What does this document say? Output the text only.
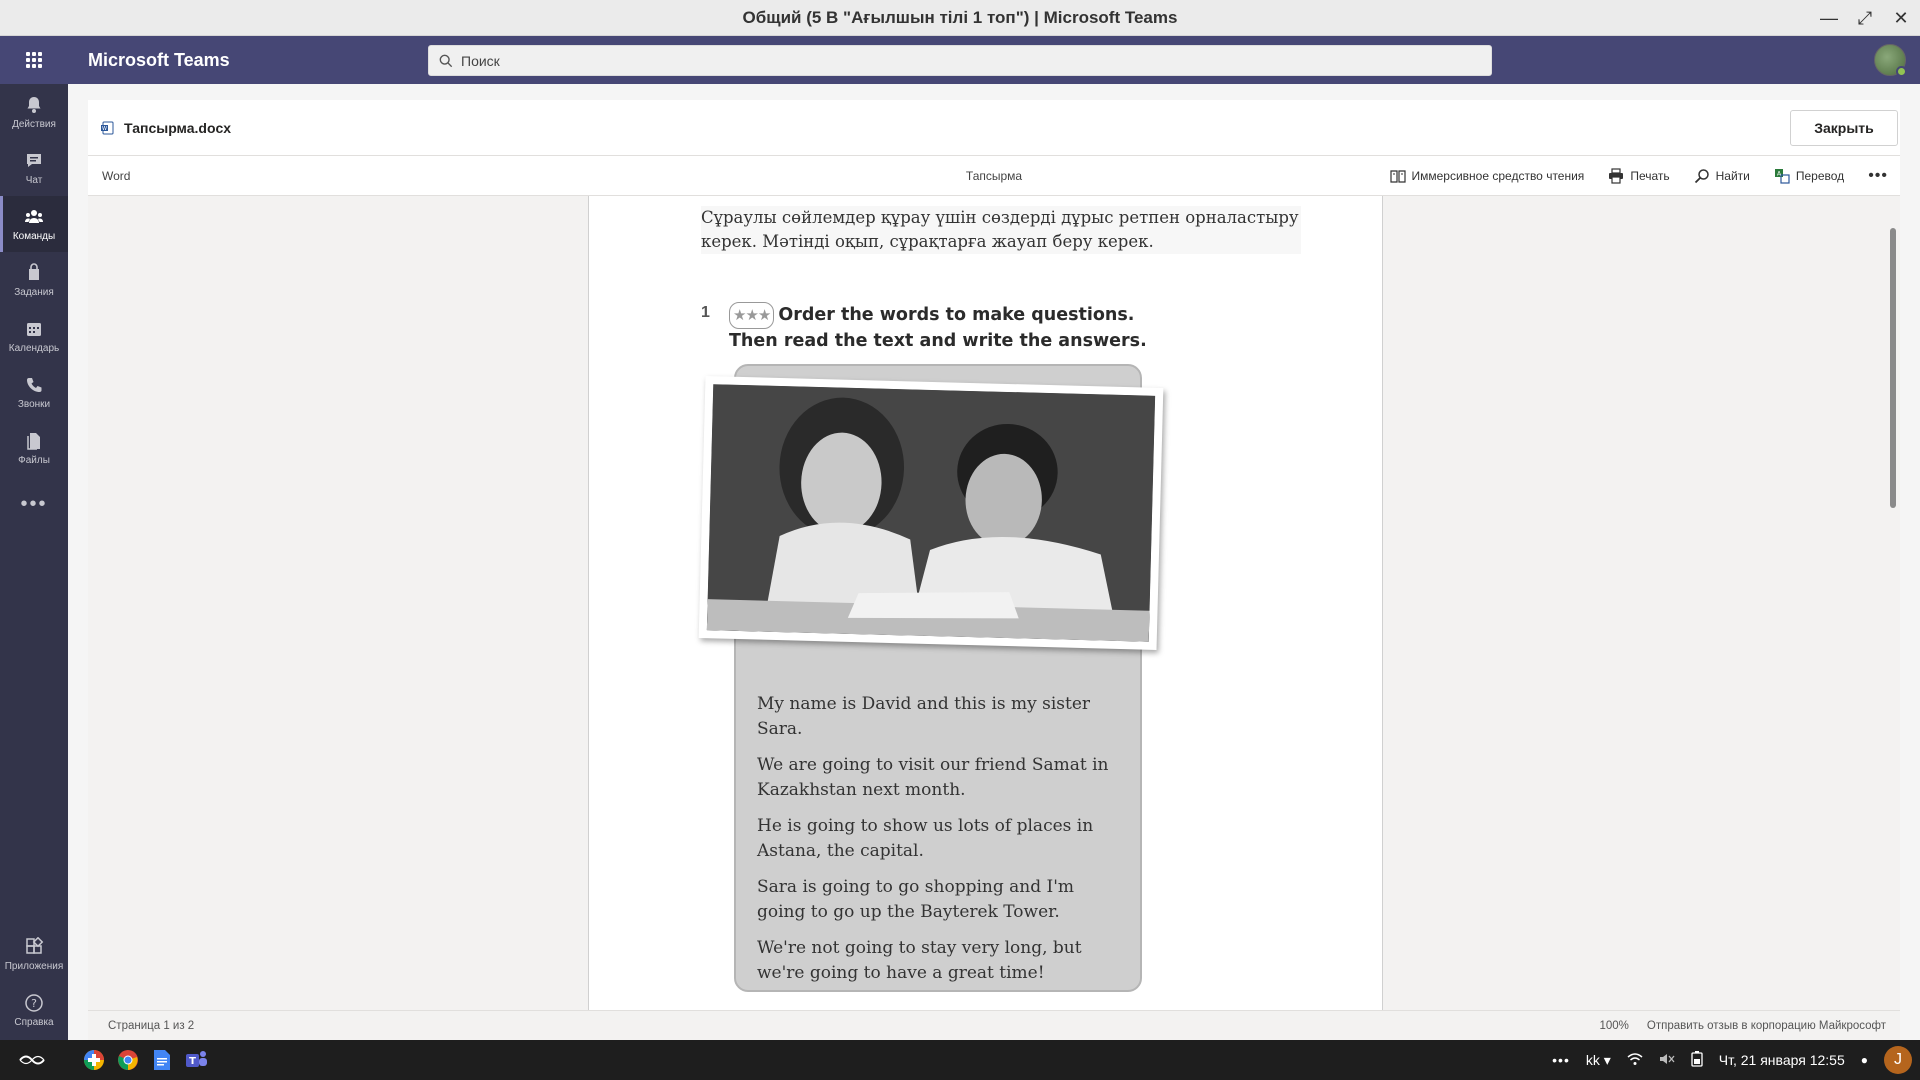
Общий (5 В "Ағылшын тілі 1 топ") | Microsoft Teams	— ⤢ ✕
Microsoft Teams
Поиск
Действия
Чат
Команды
Задания
Календарь
Звонки
Файлы
•••
Приложения
?
Справка
W Тапсырма.docx	Закрыть
Word	Тапсырма	Иммерсивное средство чтения	Печать	Найти	A Перевод •••
Сұраулы сөйлемдер құрау үшін сөздерді дұрыс ретпен орналастыру керек. Мәтінді оқып, сұрақтарға жауап беру керек.
1 ★★★ Order the words to make questions.
Then read the text and write the answers.

My name is David and this is my sister Sara.

We are going to visit our friend Samat in Kazakhstan next month.

He is going to show us lots of places in Astana, the capital.

Sara is going to go shopping and I'm going to go up the Bayterek Tower.

We're not going to stay very long, but we're going to have a great time!

Страница 1 из 2	100% Отправить отзыв в корпорацию Майкрософт
T	••• kk ▾	Чт, 21 января 12:55 ●	J
